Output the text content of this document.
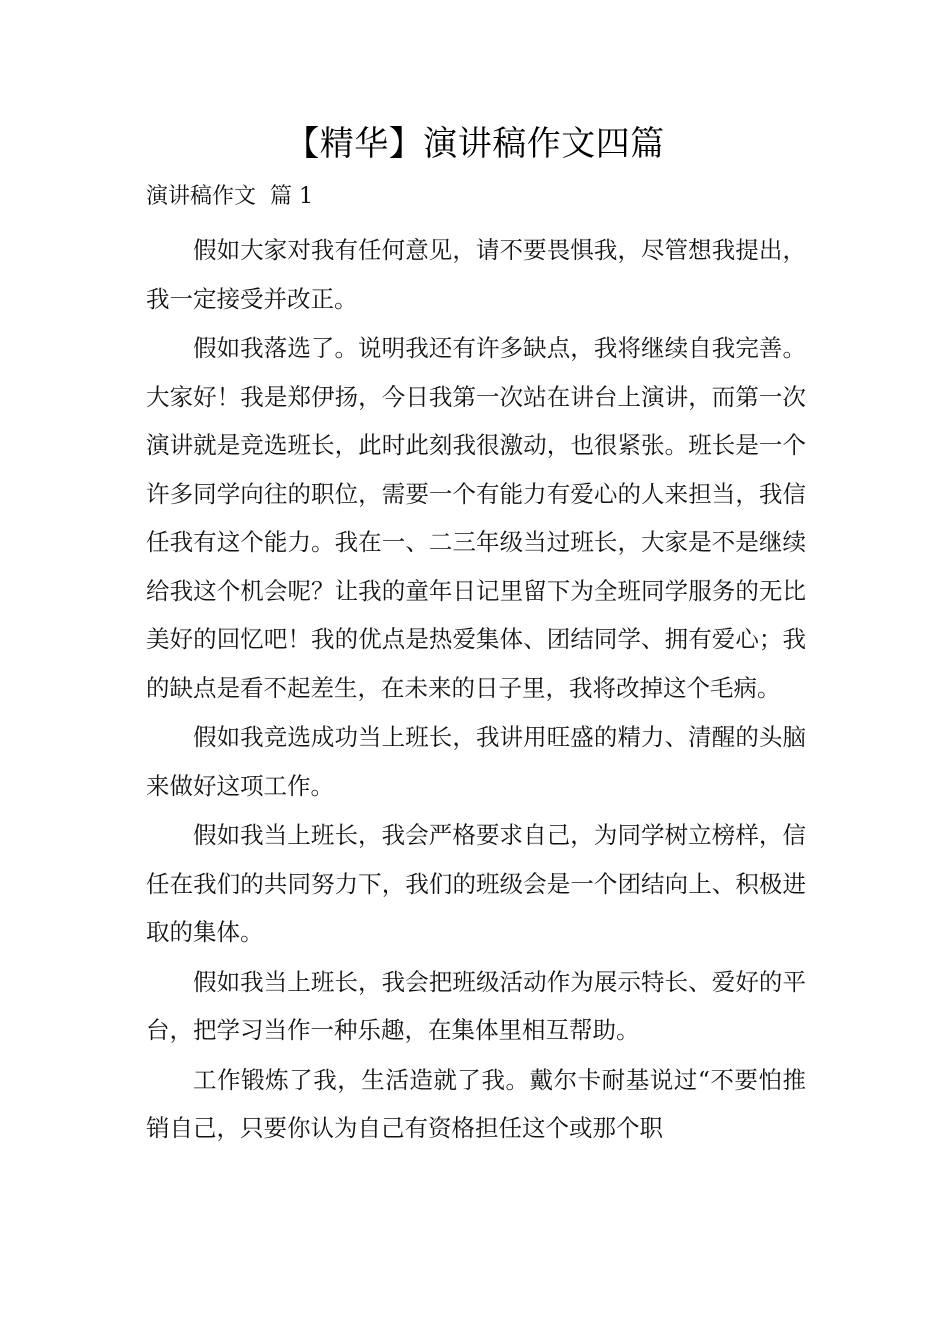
【精华】演讲稿作文四篇
演讲稿作文  篇 1

假如大家对我有任何意见，请不要畏惧我，尽管想我提出，我一定接受并改正。

假如我落选了。说明我还有许多缺点，我将继续自我完善。大家好！我是郑伊扬，今日我第一次站在讲台上演讲，而第一次演讲就是竞选班长，此时此刻我很激动，也很紧张。班长是一个许多同学向往的职位，需要一个有能力有爱心的人来担当，我信任我有这个能力。我在一、二三年级当过班长，大家是不是继续给我这个机会呢？让我的童年日记里留下为全班同学服务的无比美好的回忆吧！我的优点是热爱集体、团结同学、拥有爱心；我的缺点是看不起差生，在未来的日子里，我将改掉这个毛病。

假如我竞选成功当上班长，我讲用旺盛的精力、清醒的头脑来做好这项工作。

假如我当上班长，我会严格要求自己，为同学树立榜样，信任在我们的共同努力下，我们的班级会是一个团结向上、积极进取的集体。

假如我当上班长，我会把班级活动作为展示特长、爱好的平台，把学习当作一种乐趣，在集体里相互帮助。

工作锻炼了我，生活造就了我。戴尔卡耐基说过“不要怕推销自己，只要你认为自己有资格担任这个或那个职
